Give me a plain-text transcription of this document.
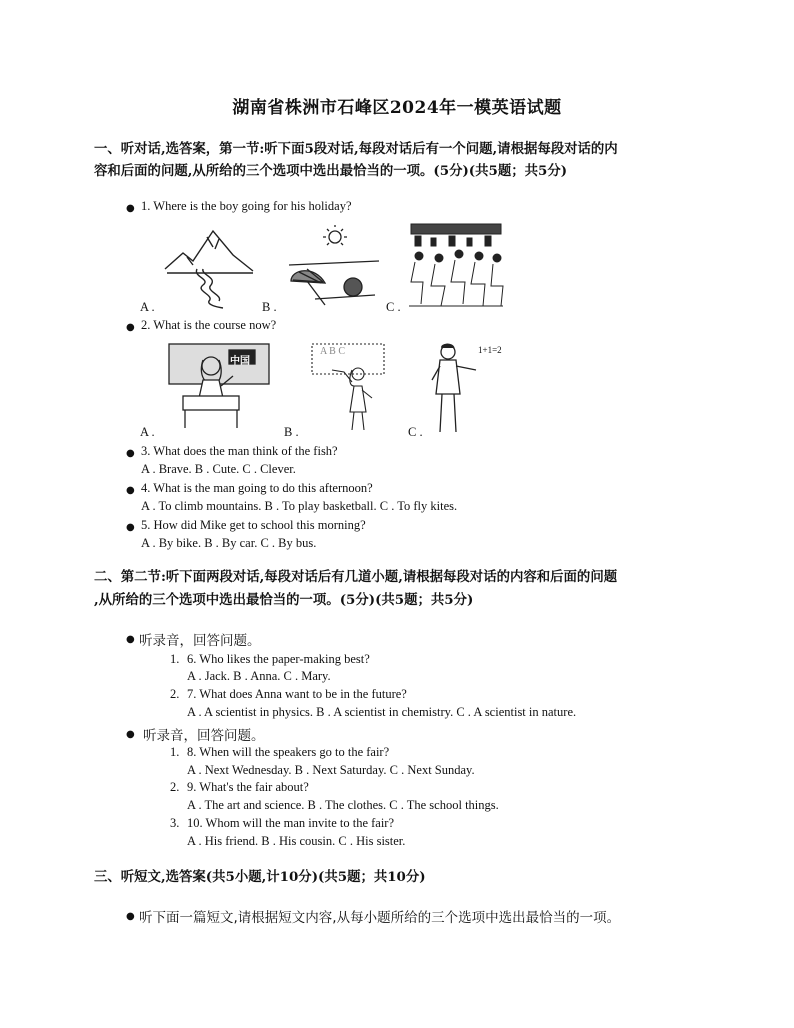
湖南省株洲市石峰区2024年一模英语试题
一、听对话,选答案，第一节:听下面5段对话,每段对话后有一个问题,请根据每段对话的内
容和后面的问题,从所给的三个选项中选出最恰当的一项。(5分)(共5题；共5分)
● 1. Where is the boy going for his holiday?
A .	B .	C .
● 2. What is the course now?
中国
A B C	1+1=2
A .	B .	C .
● 3. What does the man think of the fish?
A . Brave. B . Cute. C . Clever.
● 4. What is the man going to do this afternoon?
A . To climb mountains. B . To play basketball. C . To fly kites.
● 5. How did Mike get to school this morning?
A . By bike. B . By car. C . By bus.
二、第二节:听下面两段对话,每段对话后有几道小题,请根据每段对话的内容和后面的问题
,从所给的三个选项中选出最恰当的一项。(5分)(共5题；共5分)
● 听录音，回答问题。
1. 6. Who likes the paper-making best?
A . Jack. B . Anna. C . Mary.
2. 7. What does Anna want to be in the future?
A . A scientist in physics. B . A scientist in chemistry. C . A scientist in nature.
● 听录音，回答问题。
1. 8. When will the speakers go to the fair?
A . Next Wednesday. B . Next Saturday. C . Next Sunday.
2. 9. What's the fair about?
A . The art and science. B . The clothes. C . The school things.
3. 10. Whom will the man invite to the fair?
A . His friend. B . His cousin. C . His sister.
三、听短文,选答案(共5小题,计10分)(共5题；共10分)
● 听下面一篇短文,请根据短文内容,从每小题所给的三个选项中选出最恰当的一项。
